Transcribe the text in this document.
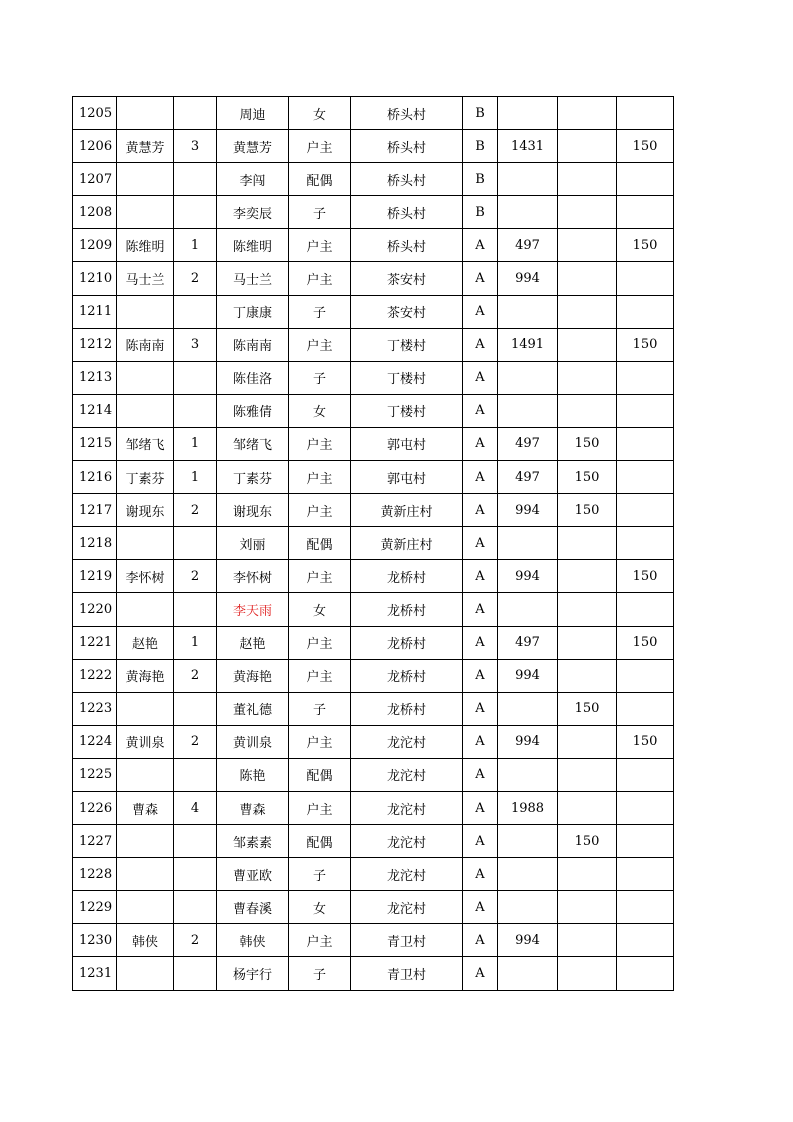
1205			周迪	女	桥头村	B			
1206	黄慧芳	3	黄慧芳	户主	桥头村	B	1431		150
1207			李闯	配偶	桥头村	B			
1208			李奕辰	子	桥头村	B			
1209	陈维明	1	陈维明	户主	桥头村	A	497		150
1210	马士兰	2	马士兰	户主	茶安村	A	994		
1211			丁康康	子	茶安村	A			
1212	陈南南	3	陈南南	户主	丁楼村	A	1491		150
1213			陈佳洛	子	丁楼村	A			
1214			陈雅倩	女	丁楼村	A			
1215	邹绪飞	1	邹绪飞	户主	郭屯村	A	497	150	
1216	丁素芬	1	丁素芬	户主	郭屯村	A	497	150	
1217	谢现东	2	谢现东	户主	黄新庄村	A	994	150	
1218			刘丽	配偶	黄新庄村	A			
1219	李怀树	2	李怀树	户主	龙桥村	A	994		150
1220			李天雨	女	龙桥村	A			
1221	赵艳	1	赵艳	户主	龙桥村	A	497		150
1222	黄海艳	2	黄海艳	户主	龙桥村	A	994		
1223			董礼德	子	龙桥村	A		150	
1224	黄训泉	2	黄训泉	户主	龙沱村	A	994		150
1225			陈艳	配偶	龙沱村	A			
1226	曹森	4	曹森	户主	龙沱村	A	1988		
1227			邹素素	配偶	龙沱村	A		150	
1228			曹亚欧	子	龙沱村	A			
1229			曹春溪	女	龙沱村	A			
1230	韩侠	2	韩侠	户主	青卫村	A	994		
1231			杨宇行	子	青卫村	A			
